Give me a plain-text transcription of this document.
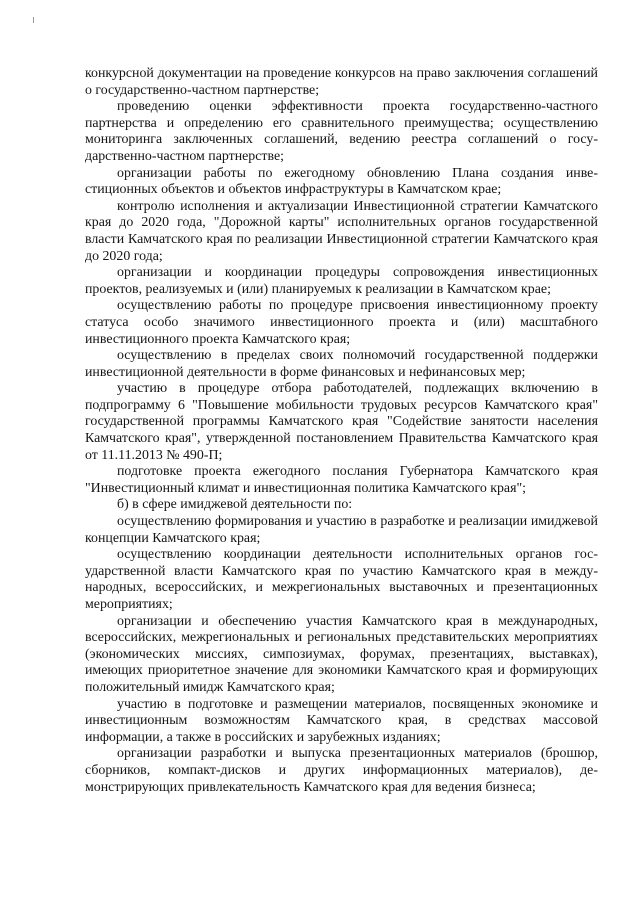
конкурсной документации на проведение конкурсов на право заключения соглашений о государственно-частном партнерстве;

проведению оценки эффективности проекта государственно-частного партнерства и определению его сравнительного преимущества; осуществлению мониторинга заключенных соглашений, ведению реестра соглашений о государственно-частном партнерстве;

организации работы по ежегодному обновлению Плана создания инвестиционных объектов и объектов инфраструктуры в Камчатском крае;

контролю исполнения и актуализации Инвестиционной стратегии Камчатского края до 2020 года, "Дорожной карты" исполнительных органов государственной власти Камчатского края по реализации Инвестиционной стратегии Камчатского края до 2020 года;

организации и координации процедуры сопровождения инвестиционных проектов, реализуемых и (или) планируемых к реализации в Камчатском крае;

осуществлению работы по процедуре присвоения инвестиционному проекту статуса особо значимого инвестиционного проекта и (или) масштабного инвестиционного проекта Камчатского края;

осуществлению в пределах своих полномочий государственной поддержки инвестиционной деятельности в форме финансовых и нефинансовых мер;

участию в процедуре отбора работодателей, подлежащих включению в подпрограмму 6 "Повышение мобильности трудовых ресурсов Камчатского края" государственной программы Камчатского края "Содействие занятости населения Камчатского края", утвержденной постановлением Правительства Камчатского края от 11.11.2013 № 490-П;

подготовке проекта ежегодного послания Губернатора Камчатского края "Инвестиционный климат и инвестиционная политика Камчатского края";

б) в сфере имиджевой деятельности по:

осуществлению формирования и участию в разработке и реализации имиджевой концепции Камчатского края;

осуществлению координации деятельности исполнительных органов государственной власти Камчатского края по участию Камчатского края в международных, всероссийских, и межрегиональных выставочных и презентационных мероприятиях;

организации и обеспечению участия Камчатского края в международных, всероссийских, межрегиональных и региональных представительских мероприятиях (экономических миссиях, симпозиумах, форумах, презентациях, выставках), имеющих приоритетное значение для экономики Камчатского края и формирующих положительный имидж Камчатского края;

участию в подготовке и размещении материалов, посвященных экономике и инвестиционным возможностям Камчатского края, в средствах массовой информации, а также в российских и зарубежных изданиях;

организации разработки и выпуска презентационных материалов (брошюр, сборников, компакт-дисков и других информационных материалов), демонстрирующих привлекательность Камчатского края для ведения бизнеса;
